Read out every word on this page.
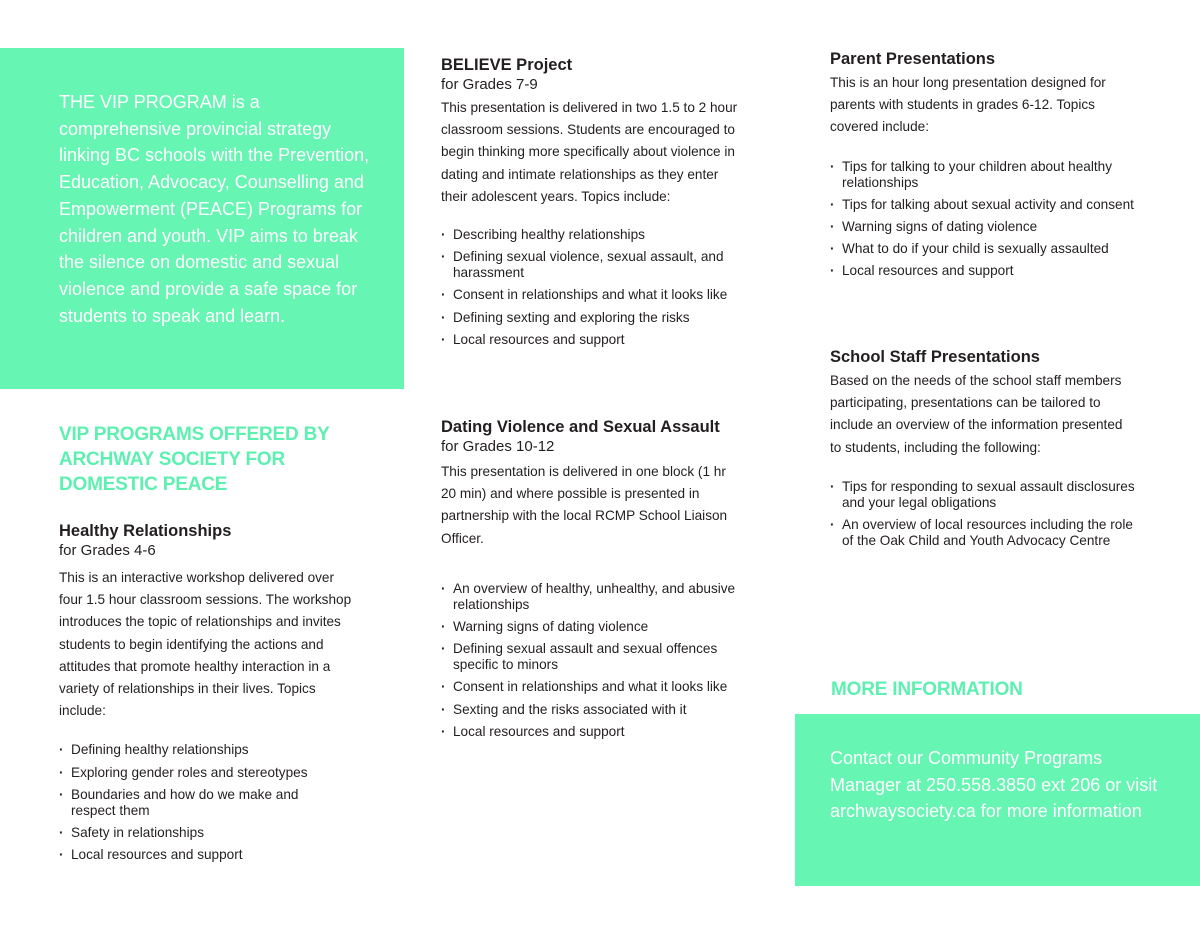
THE VIP PROGRAM is a comprehensive provincial strategy linking BC schools with the Prevention, Education, Advocacy, Counselling and Empowerment (PEACE) Programs for children and youth. VIP aims to break the silence on domestic and sexual violence and provide a safe space for students to speak and learn.
VIP PROGRAMS OFFERED BY ARCHWAY SOCIETY FOR DOMESTIC PEACE
Healthy Relationships
for Grades 4-6
This is an interactive workshop delivered over four 1.5 hour classroom sessions. The workshop introduces the topic of relationships and invites students to begin identifying the actions and attitudes that promote healthy interaction in a variety of relationships in their lives. Topics include:
· Defining healthy relationships
· Exploring gender roles and stereotypes
· Boundaries and how do we make and respect them
· Safety in relationships
· Local resources and support
BELIEVE Project
for Grades 7-9
This presentation is delivered in two 1.5 to 2 hour classroom sessions. Students are encouraged to begin thinking more specifically about violence in dating and intimate relationships as they enter their adolescent years. Topics include:
· Describing healthy relationships
· Defining sexual violence, sexual assault, and harassment
· Consent in relationships and what it looks like
· Defining sexting and exploring the risks
· Local resources and support
Dating Violence and Sexual Assault
for Grades 10-12
This presentation is delivered in one block (1 hr 20 min) and where possible is presented in partnership with the local RCMP School Liaison Officer.
· An overview of healthy, unhealthy, and abusive relationships
· Warning signs of dating violence
· Defining sexual assault and sexual offences specific to minors
· Consent in relationships and what it looks like
· Sexting and the risks associated with it
· Local resources and support
Parent Presentations
This is an hour long presentation designed for parents with students in grades 6-12. Topics covered include:
· Tips for talking to your children about healthy relationships
· Tips for talking about sexual activity and consent
· Warning signs of dating violence
· What to do if your child is sexually assaulted
· Local resources and support
School Staff Presentations
Based on the needs of the school staff members participating, presentations can be tailored to include an overview of the information presented to students, including the following:
· Tips for responding to sexual assault disclosures and your legal obligations
· An overview of local resources including the role of the Oak Child and Youth Advocacy Centre
MORE INFORMATION
Contact our Community Programs Manager at 250.558.3850 ext 206 or visit archwaysociety.ca for more information
